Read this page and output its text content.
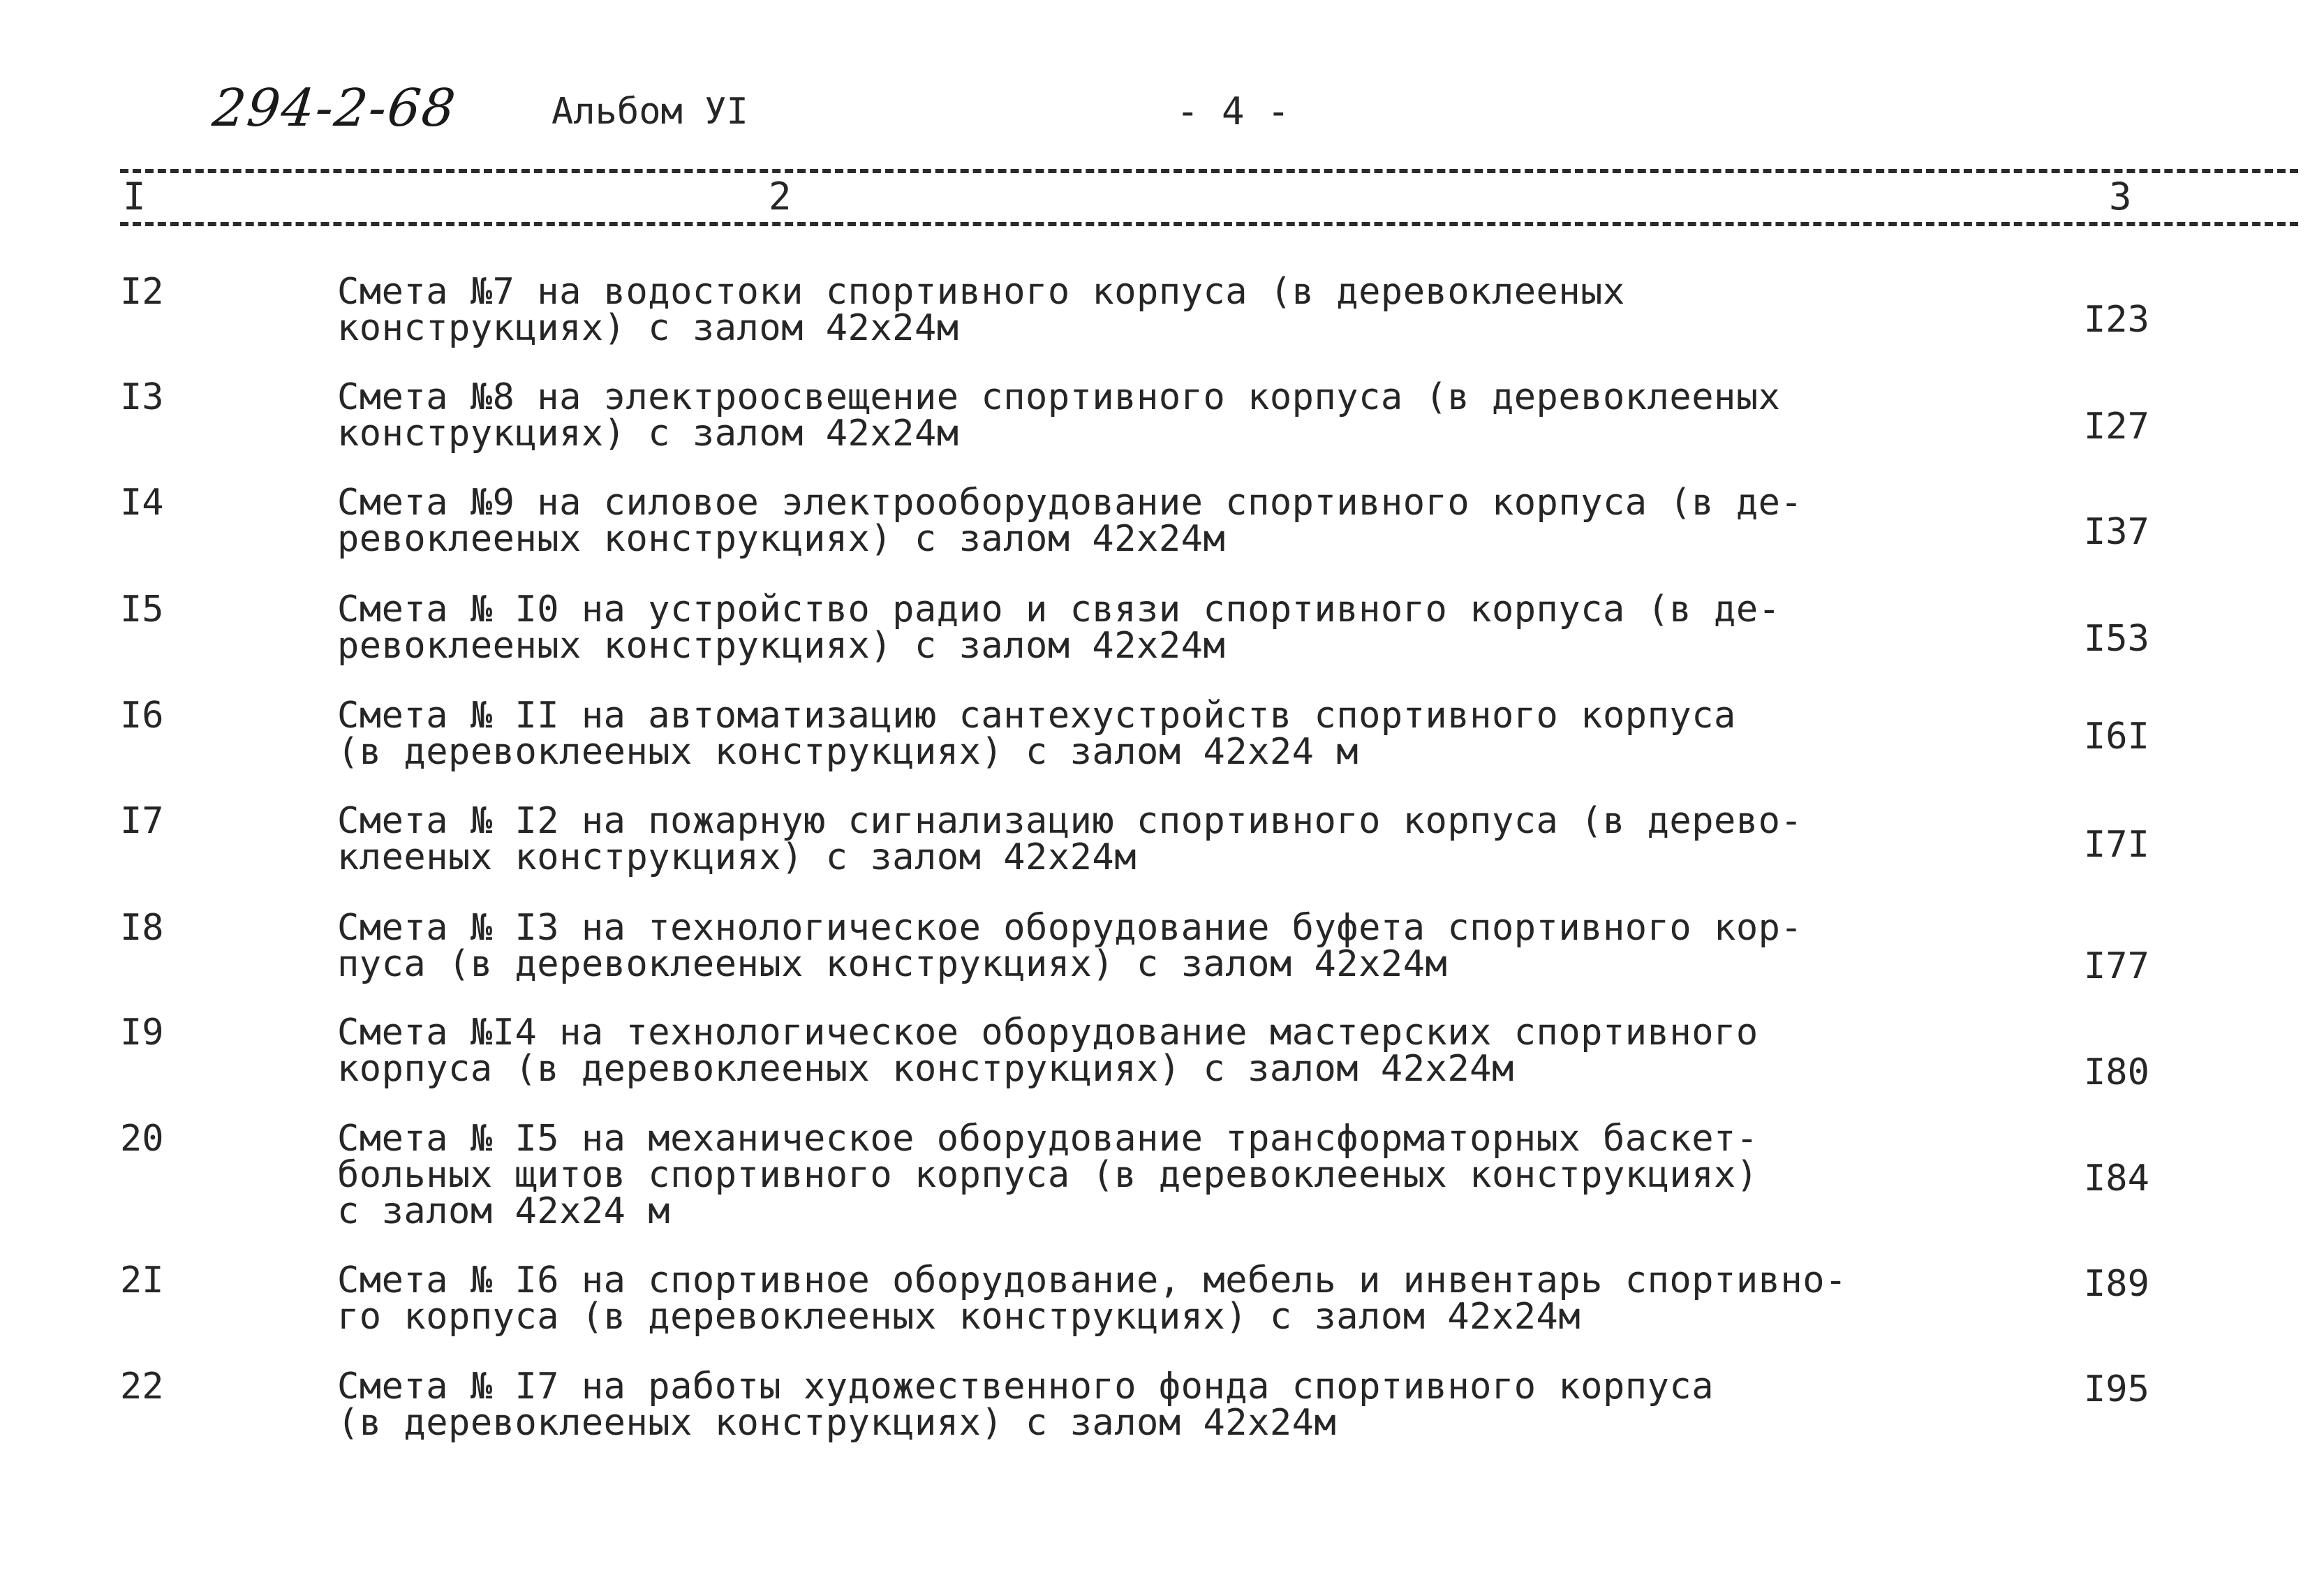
294-2-68	Альбом УI	- 4 -
I	2	3
I2	Смета №7 на водостоки спортивного корпуса (в деревоклееных
конструкциях) с залом 42х24м	I23
I3	Смета №8 на электроосвещение спортивного корпуса (в деревоклееных
конструкциях) с залом 42х24м	I27
I4	Смета №9 на силовое электрооборудование спортивного корпуса (в де-
ревоклееных конструкциях) с залом 42х24м	I37
I5	Смета № I0 на устройство радио и связи спортивного корпуса (в де-
ревоклееных конструкциях) с залом 42х24м	I53
I6	Смета № II на автоматизацию сантехустройств спортивного корпуса
(в деревоклееных конструкциях) с залом 42х24 м	I6I
I7	Смета № I2 на пожарную сигнализацию спортивного корпуса (в дерево-
клееных конструкциях) с залом 42х24м	I7I
I8	Смета № I3 на технологическое оборудование буфета спортивного кор-
пуса (в деревоклееных конструкциях) с залом 42х24м	I77
I9	Смета №I4 на технологическое оборудование мастерских спортивного
корпуса (в деревоклееных конструкциях) с залом 42х24м	I80
20	Смета № I5 на механическое оборудование трансформаторных баскет-
больных щитов спортивного корпуса (в деревоклееных конструкциях)
с залом 42х24 м
I84
2I	Смета № I6 на спортивное оборудование, мебель и инвентарь спортивно-
го корпуса (в деревоклееных конструкциях) с залом 42х24м
I89
22	Смета № I7 на работы художественного фонда спортивного корпуса
(в деревоклееных конструкциях) с залом 42х24м
I95
